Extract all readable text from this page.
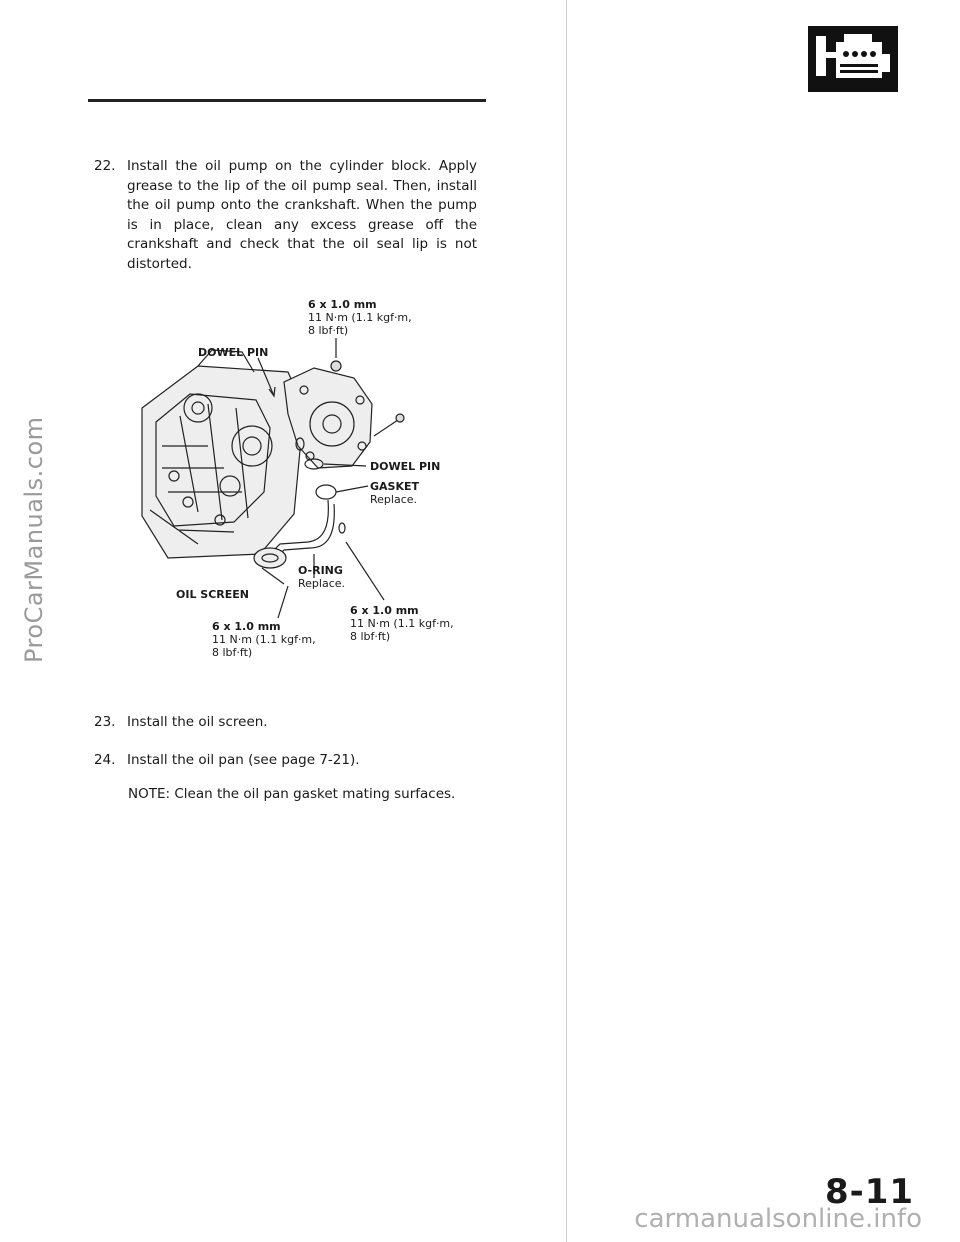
ProCarManuals.com
carmanualsonline.info
22. Install the oil pump on the cylinder block. Apply grease to the lip of the oil pump seal. Then, install the oil pump onto the crankshaft. When the pump is in place, clean any excess grease off the crankshaft and check that the oil seal lip is not distorted.
6 x 1.0 mm
11 N·m (1.1 kgf·m,
8 lbf·ft)
DOWEL PIN
DOWEL PIN
GASKET
Replace.
O-RING
Replace.
OIL SCREEN
6 x 1.0 mm
11 N·m (1.1 kgf·m,
8 lbf·ft)
6 x 1.0 mm
11 N·m (1.1 kgf·m,
8 lbf·ft)
23. Install the oil screen.
24. Install the oil pan (see page 7-21).
NOTE: Clean the oil pan gasket mating surfaces.
8-11
